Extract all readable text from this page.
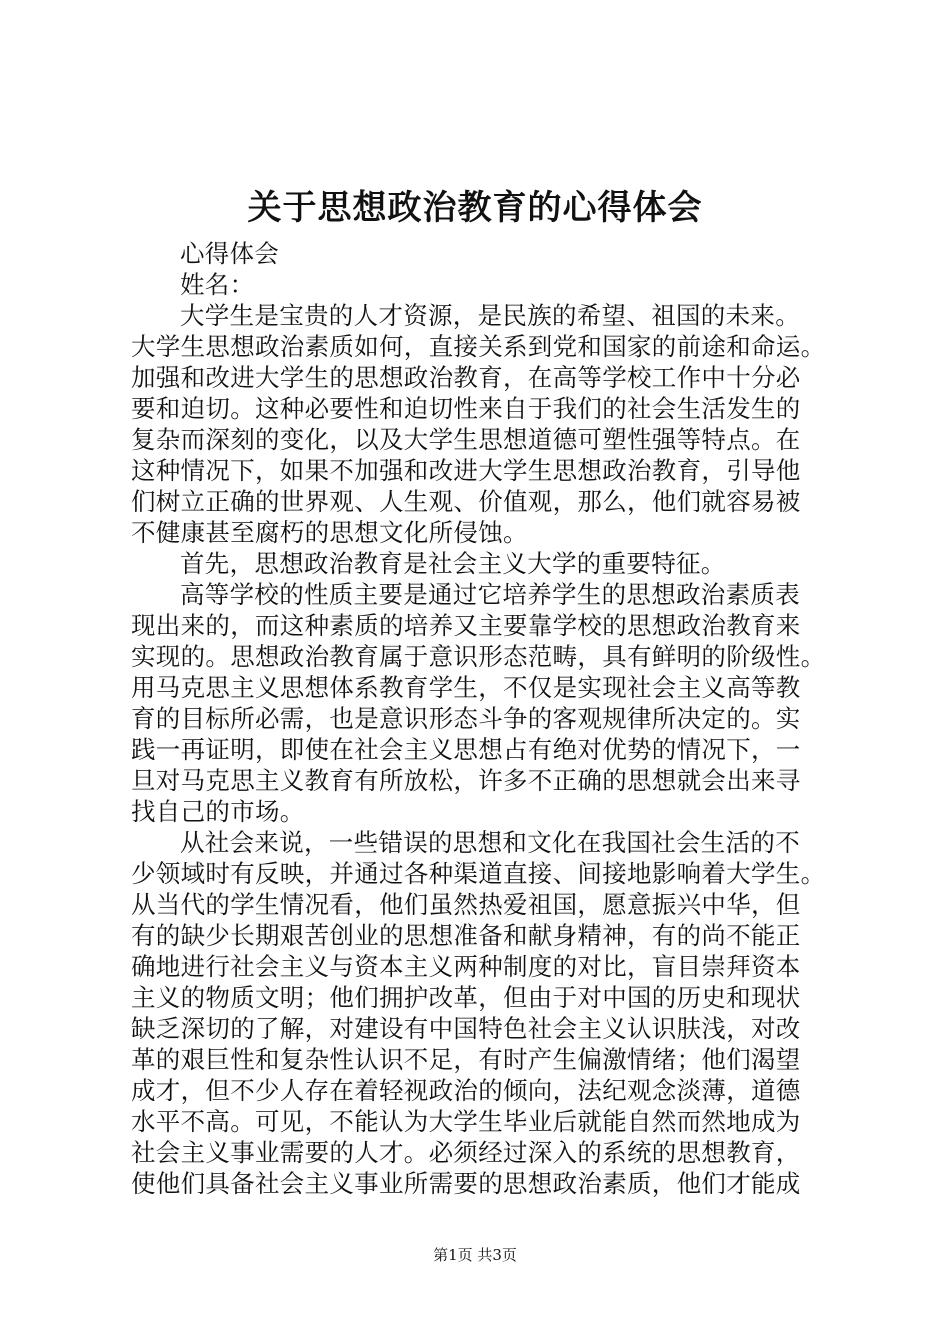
关于思想政治教育的心得体会
心得体会
姓名：
大学生是宝贵的人才资源，是民族的希望、祖国的未来。
大学生思想政治素质如何，直接关系到党和国家的前途和命运。
加强和改进大学生的思想政治教育，在高等学校工作中十分必
要和迫切。这种必要性和迫切性来自于我们的社会生活发生的
复杂而深刻的变化，以及大学生思想道德可塑性强等特点。在
这种情况下，如果不加强和改进大学生思想政治教育，引导他
们树立正确的世界观、人生观、价值观，那么，他们就容易被
不健康甚至腐朽的思想文化所侵蚀。
首先，思想政治教育是社会主义大学的重要特征。
高等学校的性质主要是通过它培养学生的思想政治素质表
现出来的，而这种素质的培养又主要靠学校的思想政治教育来
实现的。思想政治教育属于意识形态范畴，具有鲜明的阶级性。
用马克思主义思想体系教育学生，不仅是实现社会主义高等教
育的目标所必需，也是意识形态斗争的客观规律所决定的。实
践一再证明，即使在社会主义思想占有绝对优势的情况下，一
旦对马克思主义教育有所放松，许多不正确的思想就会出来寻
找自己的市场。
从社会来说，一些错误的思想和文化在我国社会生活的不
少领域时有反映，并通过各种渠道直接、间接地影响着大学生。
从当代的学生情况看，他们虽然热爱祖国，愿意振兴中华，但
有的缺少长期艰苦创业的思想准备和献身精神，有的尚不能正
确地进行社会主义与资本主义两种制度的对比，盲目崇拜资本
主义的物质文明；他们拥护改革，但由于对中国的历史和现状
缺乏深切的了解，对建设有中国特色社会主义认识肤浅，对改
革的艰巨性和复杂性认识不足，有时产生偏激情绪；他们渴望
成才，但不少人存在着轻视政治的倾向，法纪观念淡薄，道德
水平不高。可见，不能认为大学生毕业后就能自然而然地成为
社会主义事业需要的人才。必须经过深入的系统的思想教育，
使他们具备社会主义事业所需要的思想政治素质，他们才能成
第1页 共3页
